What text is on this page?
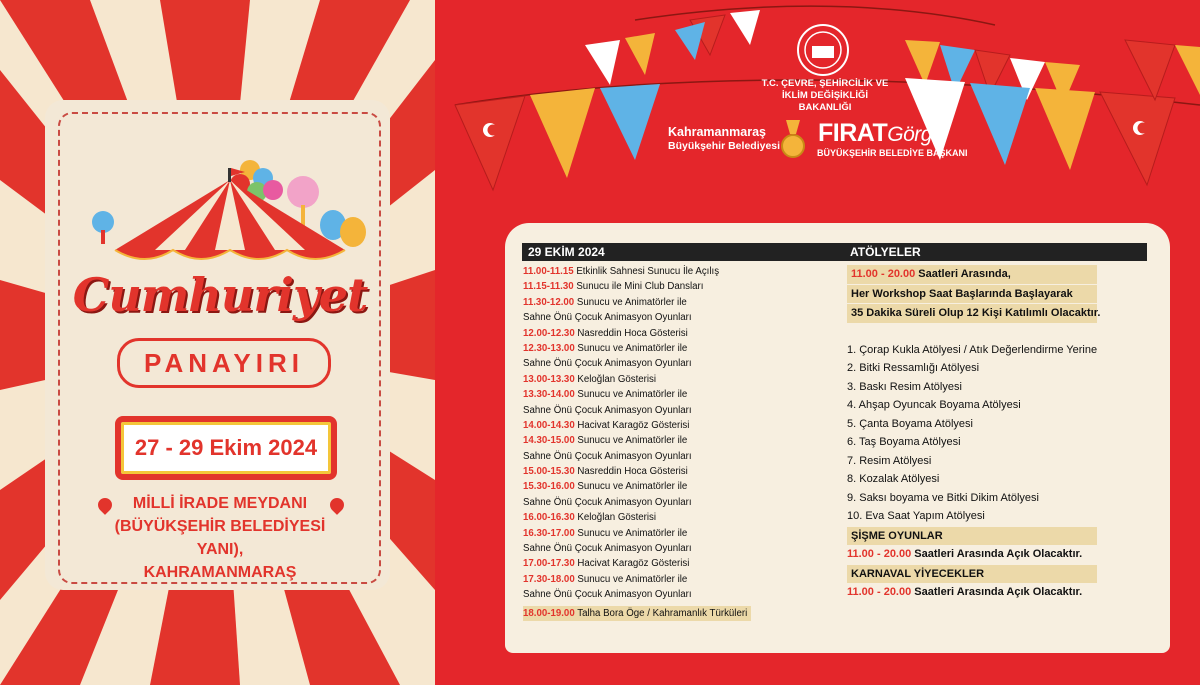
Cumhuriyet
PANAYIRI
27 - 29 Ekim 2024
MİLLİ İRADE MEYDANI
(BÜYÜKŞEHİR BELEDİYESİ YANI),
KAHRAMANMARAŞ
T.C. ÇEVRE, ŞEHİRCİLİK VE
İKLİM DEĞİŞİKLİĞİ BAKANLIĞI
Kahramanmaraş
Büyükşehir Belediyesi FIRATGörgel
BÜYÜKŞEHİR BELEDİYE BAŞKANI
29 EKİM 2024	ATÖLYELER
11.00-11.15 Etkinlik Sahnesi Sunucu İle Açılış
11.15-11.30 Sunucu ile Mini Club Dansları
11.30-12.00 Sunucu ve Animatörler ile
Sahne Önü Çocuk Animasyon Oyunları
12.00-12.30 Nasreddin Hoca Gösterisi
12.30-13.00 Sunucu ve Animatörler ile
Sahne Önü Çocuk Animasyon Oyunları
13.00-13.30 Keloğlan Gösterisi
13.30-14.00 Sunucu ve Animatörler ile
Sahne Önü Çocuk Animasyon Oyunları
14.00-14.30 Hacivat Karagöz Gösterisi
14.30-15.00 Sunucu ve Animatörler ile
Sahne Önü Çocuk Animasyon Oyunları
15.00-15.30 Nasreddin Hoca Gösterisi
15.30-16.00 Sunucu ve Animatörler ile
Sahne Önü Çocuk Animasyon Oyunları
16.00-16.30 Keloğlan Gösterisi
16.30-17.00 Sunucu ve Animatörler ile
Sahne Önü Çocuk Animasyon Oyunları
17.00-17.30 Hacivat Karagöz Gösterisi
17.30-18.00 Sunucu ve Animatörler ile
Sahne Önü Çocuk Animasyon Oyunları
18.00-19.00 Talha Bora Öge / Kahramanlık Türküleri

11.00 - 20.00 Saatleri Arasında, Her Workshop Saat Başlarında Başlayarak 35 Dakika Süreli Olup 12 Kişi Katılımlı Olacaktır.
1. Çorap Kukla Atölyesi / Atık Değerlendirme Yerine
2. Bitki Ressamlığı Atölyesi
3. Baskı Resim Atölyesi
4. Ahşap Oyuncak Boyama Atölyesi
5. Çanta Boyama Atölyesi
6. Taş Boyama Atölyesi
7. Resim Atölyesi
8. Kozalak Atölyesi
9. Saksı boyama ve Bitki Dikim Atölyesi
10. Eva Saat Yapım Atölyesi
ŞİŞME OYUNLAR
11.00 - 20.00 Saatleri Arasında Açık Olacaktır.
KARNAVAL YİYECEKLER
11.00 - 20.00 Saatleri Arasında Açık Olacaktır.
